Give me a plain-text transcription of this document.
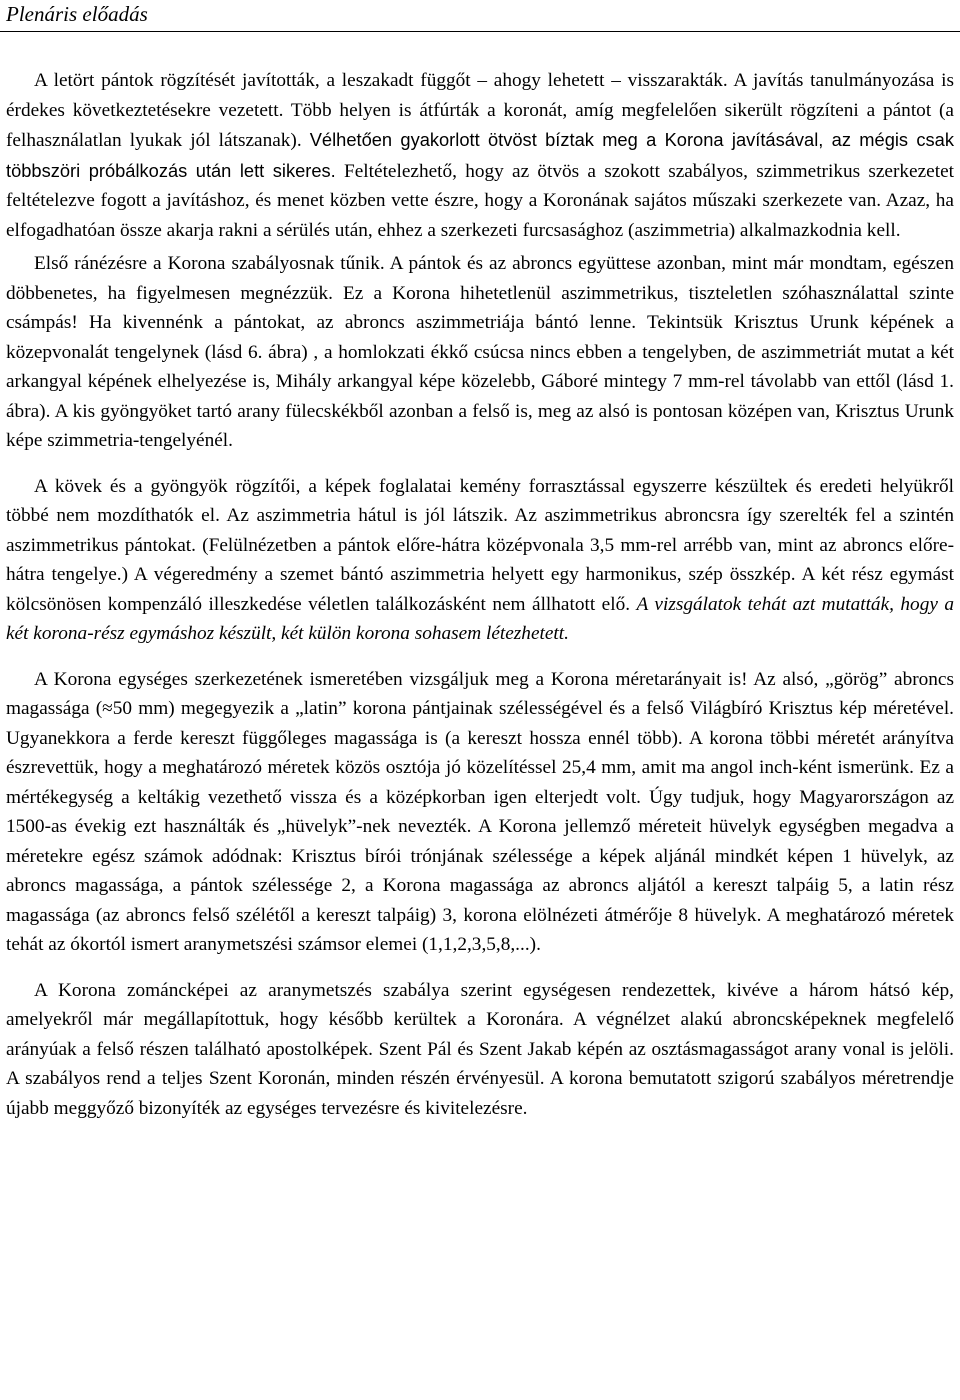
Plenáris előadás

A letört pántok rögzítését javították, a leszakadt függőt – ahogy lehetett – visszarakták. A javítás tanulmányozása is érdekes következtetésekre vezetett. Több helyen is átfúrták a koronát, amíg megfelelően sikerült rögzíteni a pántot (a felhasználatlan lyukak jól látszanak). Vélhetően gyakorlott ötvöst bíztak meg a Korona javításával, az mégis csak többszöri próbálkozás után lett sikeres. Feltételezhető, hogy az ötvös a szokott szabályos, szimmetrikus szerkezetet feltételezve fogott a javításhoz, és menet közben vette észre, hogy a Koronának sajátos műszaki szerkezete van. Azaz, ha elfogadhatóan össze akarja rakni a sérülés után, ehhez a szerkezeti furcsasághoz (aszimmetria) alkalmazkodnia kell.

Első ránézésre a Korona szabályosnak tűnik. A pántok és az abroncs együttese azonban, mint már mondtam, egészen döbbenetes, ha figyelmesen megnézzük. Ez a Korona hihetetlenül aszimmetrikus, tiszteletlen szóhasználattal szinte csámpás! Ha kivennénk a pántokat, az abroncs aszimmetriája bántó lenne. Tekintsük Krisztus Urunk képének a közepvonalát tengelynek (lásd 6. ábra) , a homlokzati ékkő csúcsa nincs ebben a tengelyben, de aszimmetriát mutat a két arkangyal képének elhelyezése is, Mihály arkangyal képe közelebb, Gáboré mintegy 7 mm-rel távolabb van ettől (lásd 1. ábra). A kis gyöngyöket tartó arany fülecskékből azonban a felső is, meg az alsó is pontosan középen van, Krisztus Urunk képe szimmetria-tengelyénél.

A kövek és a gyöngyök rögzítői, a képek foglalatai kemény forrasztással egyszerre készültek és eredeti helyükről többé nem mozdíthatók el. Az aszimmetria hátul is jól látszik. Az aszimmetrikus abroncsra így szerelték fel a szintén aszimmetrikus pántokat. (Felülnézetben a pántok előre-hátra középvonala 3,5 mm-rel arrébb van, mint az abroncs előre-hátra tengelye.) A végeredmény a szemet bántó aszimmetria helyett egy harmonikus, szép összkép. A két rész egymást kölcsönösen kompenzáló illeszkedése véletlen találkozásként nem állhatott elő. A vizsgálatok tehát azt mutatták, hogy a két korona-rész egymáshoz készült, két külön korona sohasem létezhetett.

A Korona egységes szerkezetének ismeretében vizsgáljuk meg a Korona méretarányait is! Az alsó, „görög” abroncs magassága (≈50 mm) megegyezik a „latin” korona pántjainak szélességével és a felső Világbíró Krisztus kép méretével. Ugyanekkora a ferde kereszt függőleges magassága is (a kereszt hossza ennél több). A korona többi méretét arányítva észrevettük, hogy a meghatározó méretek közös osztója jó közelítéssel 25,4 mm, amit ma angol inch-ként ismerünk. Ez a mértékegység a keltákig vezethető vissza és a középkorban igen elterjedt volt. Úgy tudjuk, hogy Magyarországon az 1500-as évekig ezt használták és „hüvelyk”-nek nevezték. A Korona jellemző méreteit hüvelyk egységben megadva a méretekre egész számok adódnak: Krisztus bírói trónjának szélessége a képek aljánál mindkét képen 1 hüvelyk, az abroncs magassága, a pántok szélessége 2, a Korona magassága az abroncs aljától a kereszt talpáig 5, a latin rész magassága (az abroncs felső szélétől a kereszt talpáig) 3, korona elölnézeti átmérője 8 hüvelyk. A meghatározó méretek tehát az ókortól ismert aranymetszési számsor elemei (1,1,2,3,5,8,...).

A Korona zománcképei az aranymetszés szabálya szerint egységesen rendezettek, kivéve a három hátsó kép, amelyekről már megállapítottuk, hogy később kerültek a Koronára. A végnélzet alakú abroncsképeknek megfelelő arányúak a felső részen található apostolképek. Szent Pál és Szent Jakab képén az osztásmagasságot arany vonal is jelöli. A szabályos rend a teljes Szent Koronán, minden részén érvényesül. A korona bemutatott szigorú szabályos méretrendje újabb meggyőző bizonyíték az egységes tervezésre és kivitelezésre.
